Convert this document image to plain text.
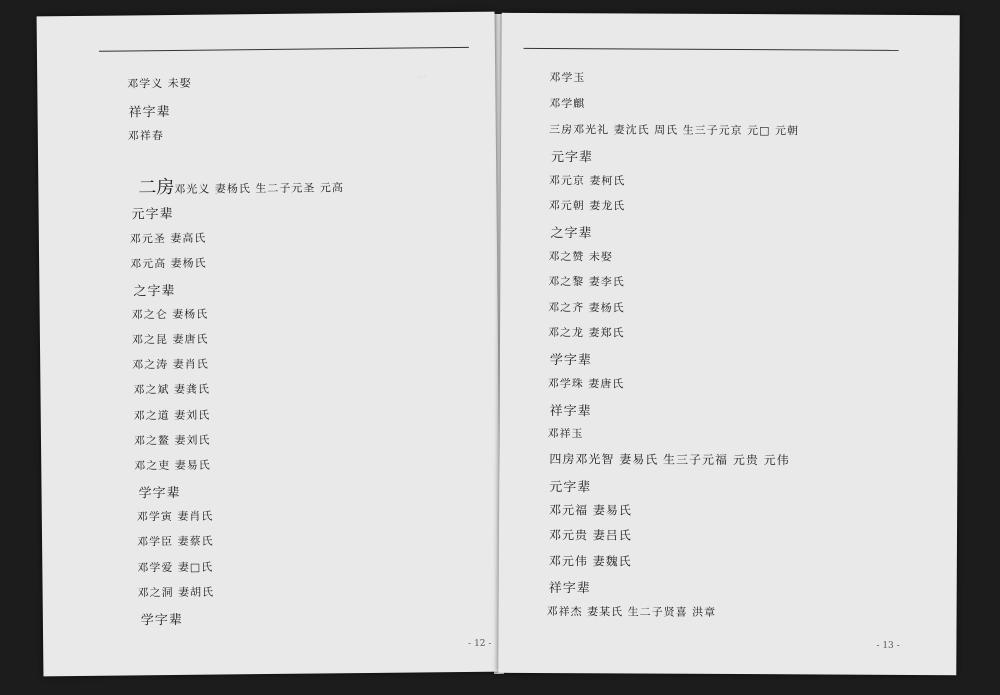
···
邓学义 未娶
祥字辈
邓祥春
二房邓光义 妻杨氏 生二子元圣 元高
元字辈
邓元圣 妻高氏
邓元高 妻杨氏
之字辈
邓之仑 妻杨氏
邓之昆 妻唐氏
邓之涛 妻肖氏
邓之斌 妻龚氏
邓之道 妻刘氏
邓之鳌 妻刘氏
邓之吏 妻易氏
学字辈
邓学寅 妻肖氏
邓学臣 妻蔡氏
邓学爱 妻□氏
邓之洞 妻胡氏
学字辈
- 12 -
邓学玉
邓学麒
三房邓光礼 妻沈氏 周氏 生三子元京 元□ 元朝
元字辈
邓元京 妻柯氏
邓元朝 妻龙氏
之字辈
邓之赞 未娶
邓之黎 妻李氏
邓之齐 妻杨氏
邓之龙 妻郑氏
学字辈
邓学珠 妻唐氏
祥字辈
邓祥玉
四房邓光智 妻易氏 生三子元福 元贵 元伟
元字辈
邓元福 妻易氏
邓元贵 妻吕氏
邓元伟 妻魏氏
祥字辈
邓祥杰 妻某氏 生二子贤喜 洪章
- 13 -
